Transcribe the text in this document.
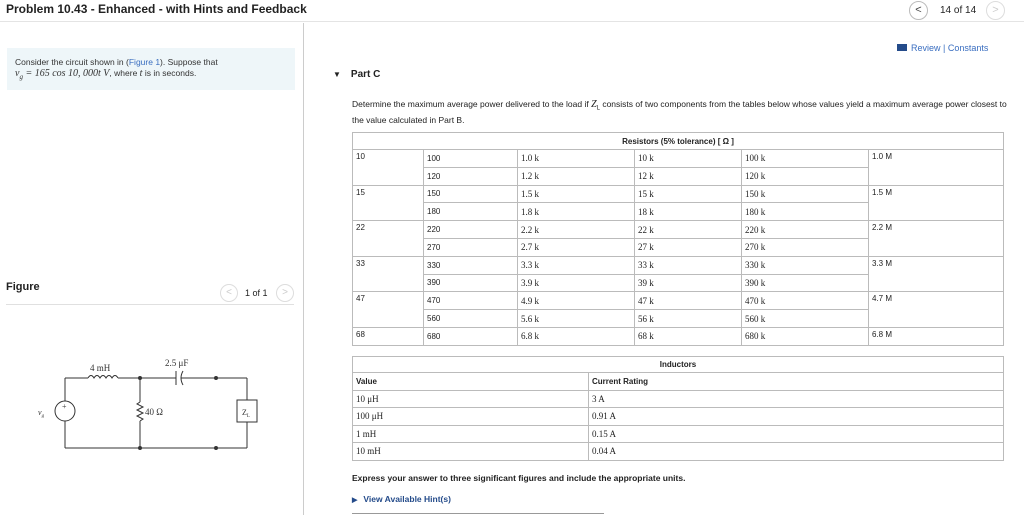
Problem 10.43 - Enhanced - with Hints and Feedback	<	14 of 14	>
Consider the circuit shown in (Figure 1). Suppose that
$v_g = 165$ cos 10, 000t V, where t is in seconds.
Figure	<	1 of 1	>
4 mH	2.5 μF
40 Ω	$Z_L$
+
$v_g$
Review | Constants
▼ Part C
Determine the maximum average power delivered to the load if $Z_L$ consists of two components from the tables below whose values yield a maximum average power closest to the value calculated in Part B.
Resistors (5% tolerance) [ Ω ]					
10	100	1.0 k	10 k	100 k	1.0 M
	120	1.2 k	12 k	120 k	
15	150	1.5 k	15 k	150 k	1.5 M
	180	1.8 k	18 k	180 k	
22	220	2.2 k	22 k	220 k	2.2 M
	270	2.7 k	27 k	270 k	
33	330	3.3 k	33 k	330 k	3.3 M
	390	3.9 k	39 k	390 k	
47	470	4.9 k	47 k	470 k	4.7 M
	560	5.6 k	56 k	560 k	
68	680	6.8 k	68 k	680 k	6.8 M
Inductors	
Value	Current Rating
10 μH	3 A
100 μH	0.91 A
1 mH	0.15 A
10 mH	0.04 A
Express your answer to three significant figures and include the appropriate units.
▶ View Available Hint(s)
